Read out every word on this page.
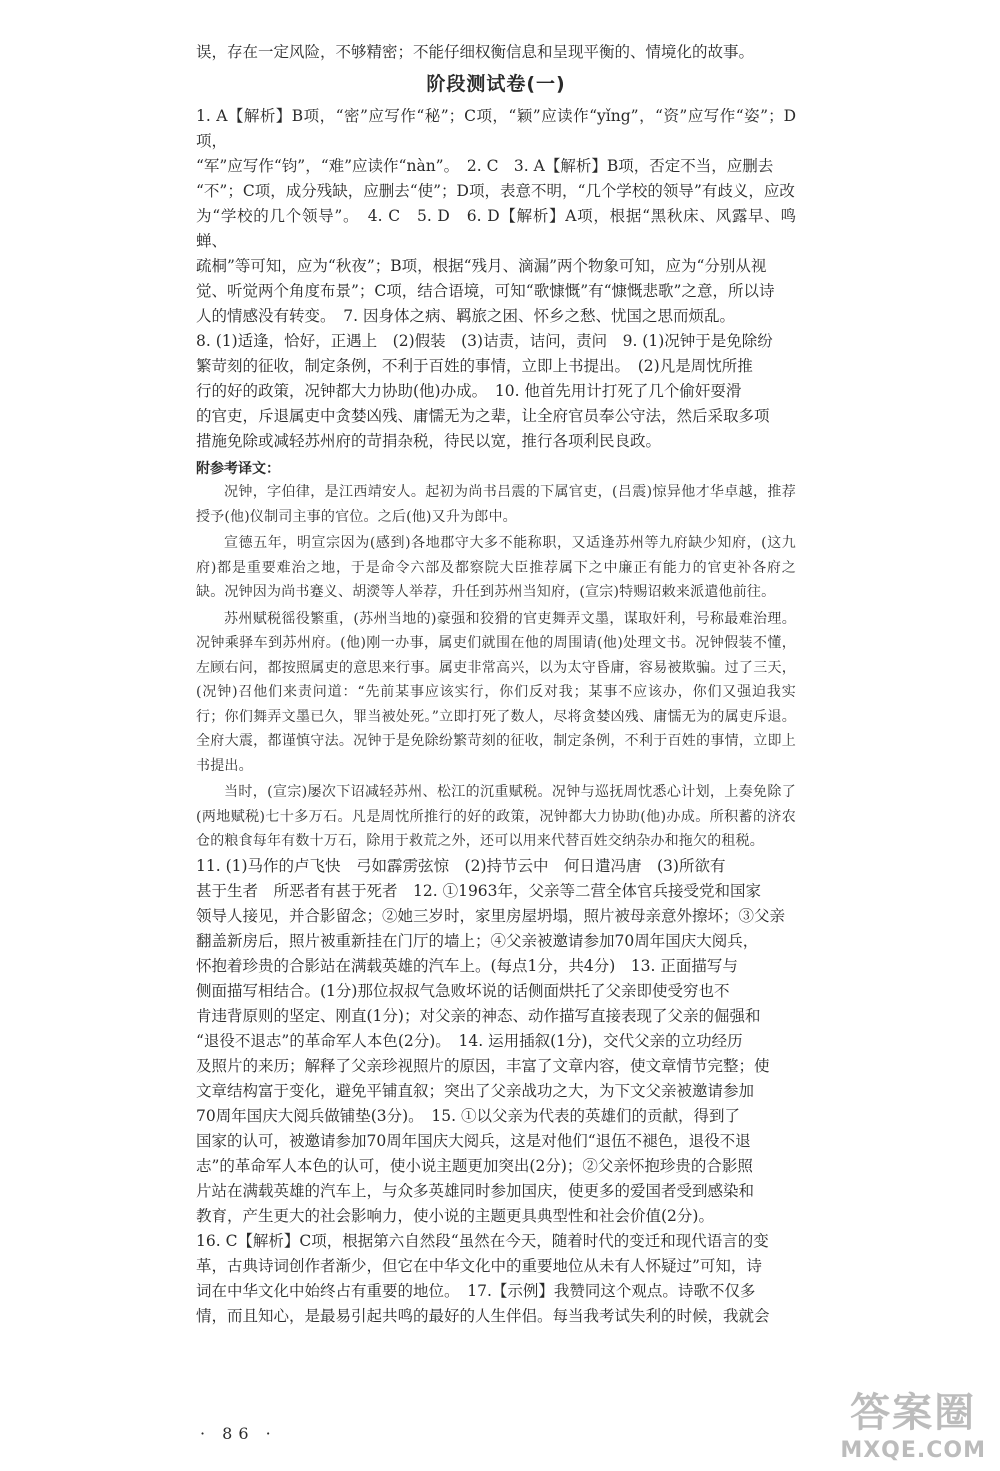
误，存在一定风险，不够精密；不能仔细权衡信息和呈现平衡的、情境化的故事。

阶段测试卷(一)

1. A【解析】B项，“密”应写作“秘”；C项，“颖”应读作“yǐng”，“资”应写作“姿”；D项，

“军”应写作“钧”，“难”应读作“nàn”。　2. C　3. A【解析】B项，否定不当，应删去

“不”；C项，成分残缺，应删去“使”；D项，表意不明，“几个学校的领导”有歧义，应改

为“学校的几个领导”。　4. C　5. D　6. D【解析】A项，根据“黑秋床、风露早、鸣蝉、

疏桐”等可知，应为“秋夜”；B项，根据“残月、滴漏”两个物象可知，应为“分别从视

觉、听觉两个角度布景”；C项，结合语境，可知“歌慷慨”有“慷慨悲歌”之意，所以诗

人的情感没有转变。　7. 因身体之病、羁旅之困、怀乡之愁、忧国之思而烦乱。

8. (1)适逢，恰好，正遇上　(2)假装　(3)诘责，诘问，责问　9. (1)况钟于是免除纷

繁苛刻的征收，制定条例，不利于百姓的事情，立即上书提出。　(2)凡是周忱所推

行的好的政策，况钟都大力协助(他)办成。　10. 他首先用计打死了几个偷奸耍滑

的官吏，斥退属吏中贪婪凶残、庸懦无为之辈，让全府官员奉公守法，然后采取多项

措施免除或减轻苏州府的苛捐杂税，待民以宽，推行各项利民良政。

附参考译文：

况钟，字伯律，是江西靖安人。起初为尚书吕震的下属官吏，(吕震)惊异他才华卓越，推荐授予(他)仪制司主事的官位。之后(他)又升为郎中。

宣德五年，明宣宗因为(感到)各地郡守大多不能称职，又适逢苏州等九府缺少知府，(这九府)都是重要难治之地，于是命令六部及都察院大臣推荐属下之中廉正有能力的官吏补各府之缺。况钟因为尚书蹇义、胡濙等人举荐，升任到苏州当知府，(宣宗)特赐诏敕来派遣他前往。

苏州赋税徭役繁重，(苏州当地的)豪强和狡猾的官吏舞弄文墨，谋取奸利，号称最难治理。况钟乘驿车到苏州府。(他)刚一办事，属吏们就围在他的周围请(他)处理文书。况钟假装不懂，左顾右问，都按照属吏的意思来行事。属吏非常高兴，以为太守昏庸，容易被欺骗。过了三天，(况钟)召他们来责问道：“先前某事应该实行，你们反对我；某事不应该办，你们又强迫我实行；你们舞弄文墨已久，罪当被处死。”立即打死了数人，尽将贪婪凶残、庸懦无为的属吏斥退。全府大震，都谨慎守法。况钟于是免除纷繁苛刻的征收，制定条例，不利于百姓的事情，立即上书提出。

当时，(宣宗)屡次下诏减轻苏州、松江的沉重赋税。况钟与巡抚周忱悉心计划，上奏免除了(两地赋税)七十多万石。凡是周忱所推行的好的政策，况钟都大力协助(他)办成。所积蓄的济农仓的粮食每年有数十万石，除用于救荒之外，还可以用来代替百姓交纳杂办和拖欠的租税。

11. (1)马作的卢飞快　弓如霹雳弦惊　(2)持节云中　何日遣冯唐　(3)所欲有

甚于生者　所恶者有甚于死者　12. ①1963年，父亲等二营全体官兵接受党和国家

领导人接见，并合影留念；②她三岁时，家里房屋坍塌，照片被母亲意外擦坏；③父亲

翻盖新房后，照片被重新挂在门厅的墙上；④父亲被邀请参加70周年国庆大阅兵，

怀抱着珍贵的合影站在满载英雄的汽车上。(每点1分，共4分)　13. 正面描写与

侧面描写相结合。(1分)那位叔叔气急败坏说的话侧面烘托了父亲即使受穷也不

肯违背原则的坚定、刚直(1分)；对父亲的神态、动作描写直接表现了父亲的倔强和

“退役不退志”的革命军人本色(2分)。　14. 运用插叙(1分)，交代父亲的立功经历

及照片的来历；解释了父亲珍视照片的原因，丰富了文章内容，使文章情节完整；使

文章结构富于变化，避免平铺直叙；突出了父亲战功之大，为下文父亲被邀请参加

70周年国庆大阅兵做铺垫(3分)。　15. ①以父亲为代表的英雄们的贡献，得到了

国家的认可，被邀请参加70周年国庆大阅兵，这是对他们“退伍不褪色，退役不退

志”的革命军人本色的认可，使小说主题更加突出(2分)；②父亲怀抱珍贵的合影照

片站在满载英雄的汽车上，与众多英雄同时参加国庆，使更多的爱国者受到感染和

教育，产生更大的社会影响力，使小说的主题更具典型性和社会价值(2分)。

16. C【解析】C项，根据第六自然段“虽然在今天，随着时代的变迁和现代语言的变

革，古典诗词创作者渐少，但它在中华文化中的重要地位从未有人怀疑过”可知，诗

词在中华文化中始终占有重要的地位。　17.【示例】我赞同这个观点。诗歌不仅多

情，而且知心，是最易引起共鸣的最好的人生伴侣。每当我考试失利的时候，我就会

· 86 ·	答案圈
MXQE.COM
